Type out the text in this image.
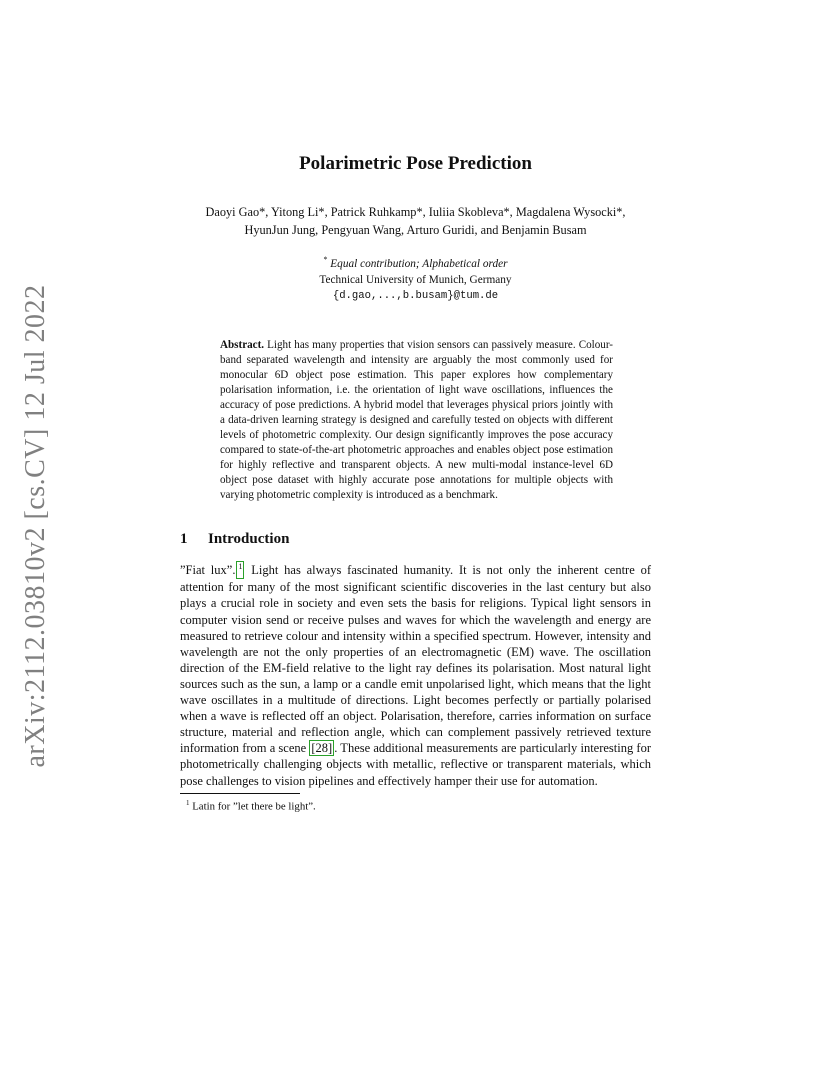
arXiv:2112.03810v2 [cs.CV] 12 Jul 2022
Polarimetric Pose Prediction
Daoyi Gao*, Yitong Li*, Patrick Ruhkamp*, Iuliia Skobleva*, Magdalena Wysocki*, HyunJun Jung, Pengyuan Wang, Arturo Guridi, and Benjamin Busam
* Equal contribution; Alphabetical order
Technical University of Munich, Germany
{d.gao,...,b.busam}@tum.de
Abstract. Light has many properties that vision sensors can passively measure. Colour-band separated wavelength and intensity are arguably the most commonly used for monocular 6D object pose estimation. This paper explores how complementary polarisation information, i.e. the orientation of light wave oscillations, influences the accuracy of pose predictions. A hybrid model that leverages physical priors jointly with a data-driven learning strategy is designed and carefully tested on objects with different levels of photometric complexity. Our design significantly improves the pose accuracy compared to state-of-the-art photometric approaches and enables object pose estimation for highly reflective and transparent objects. A new multi-modal instance-level 6D object pose dataset with highly accurate pose annotations for multiple objects with varying photometric complexity is introduced as a benchmark.
1 Introduction
”Fiat lux”. $^1$ Light has always fascinated humanity. It is not only the inherent centre of attention for many of the most significant scientific discoveries in the last century but also plays a crucial role in society and even sets the basis for religions. Typical light sensors in computer vision send or receive pulses and waves for which the wavelength and energy are measured to retrieve colour and intensity within a specified spectrum. However, intensity and wavelength are not the only properties of an electromagnetic (EM) wave. The oscillation direction of the EM-field relative to the light ray defines its polarisation. Most natural light sources such as the sun, a lamp or a candle emit unpolarised light, which means that the light wave oscillates in a multitude of directions. Light becomes perfectly or partially polarised when a wave is reflected off an object. Polarisation, therefore, carries information on surface structure, material and reflection angle, which can complement passively retrieved texture information from a scene [28] . These additional measurements are particularly interesting for photometrically challenging objects with metallic, reflective or transparent materials, which pose challenges to vision pipelines and effectively hamper their use for automation.
$^1$ Latin for ”let there be light”.
